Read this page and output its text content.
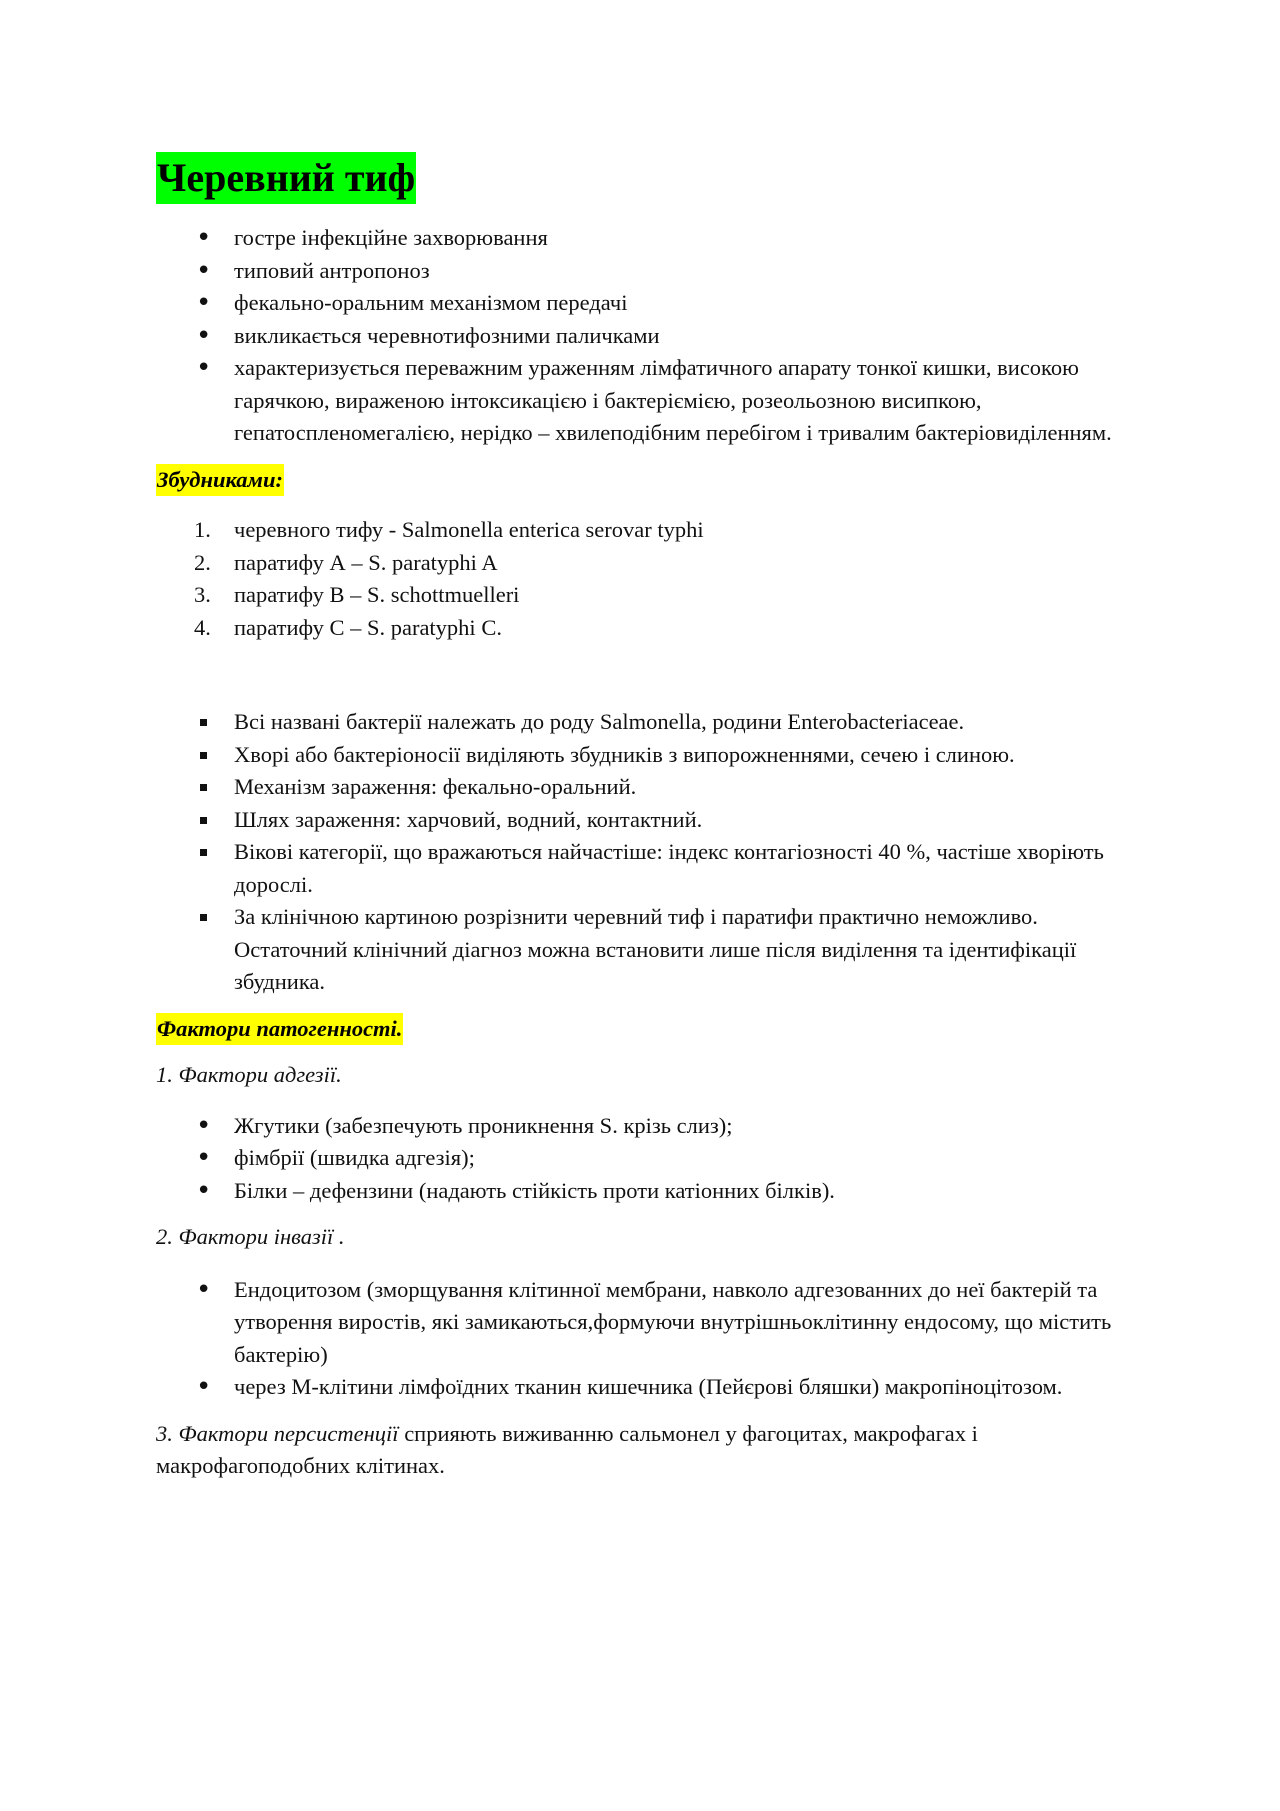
Черевний тиф
• гостре інфекційне захворювання
• типовий антропоноз
• фекально-оральним механізмом передачі
• викликається черевнотифозними паличками
• характеризується переважним ураженням лімфатичного апарату тонкої кишки, високою гарячкою, вираженою інтоксикацією і бактеріємією, розеольозною висипкою, гепатоспленомегалією, нерідко – хвилеподібним перебігом і тривалим бактеріовиділенням.

Збудниками:

1. черевного тифу - Salmonella enterica serovar typhi
2. паратифу А – S. paratyphi A
3. паратифу В – S. schottmuelleri
4. паратифу С – S. paratyphi C.
Всі названі бактерії належать до роду Salmonella, родини Enterobacteriaceae.
Хворі або бактеріоносії виділяють збудників з випорожненнями, сечею і слиною.
Механізм зараження: фекально-оральний.
Шлях зараження: харчовий, водний, контактний.
Вікові категорії, що вражаються найчастіше: індекс контагіозності 40 %, частіше хворіють дорослі.
За клінічною картиною розрізнити черевний тиф і паратифи практично неможливо. Остаточний клінічний діагноз можна встановити лише після виділення та ідентифікації збудника.

Фактори патогенності.

1. Фактори адгезії.

• Жгутики (забезпечують проникнення S. крізь слиз);
• фімбрії (швидка адгезія);
• Білки – дефензини (надають стійкість проти катіонних білків).

2. Фактори інвазії .

• Ендоцитозом (зморщування клітинної мембрани, навколо адгезованних до неї бактерій та утворення виростів, які замикаються,формуючи внутрішньоклітинну ендосому, що містить бактерію)
• через М-клітини лімфоїдних тканин кишечника (Пейєрові бляшки) макропіноцітозом.

3. Фактори персистенції сприяють виживанню сальмонел у фагоцитах, макрофагах і макрофагоподобних клітинах.
